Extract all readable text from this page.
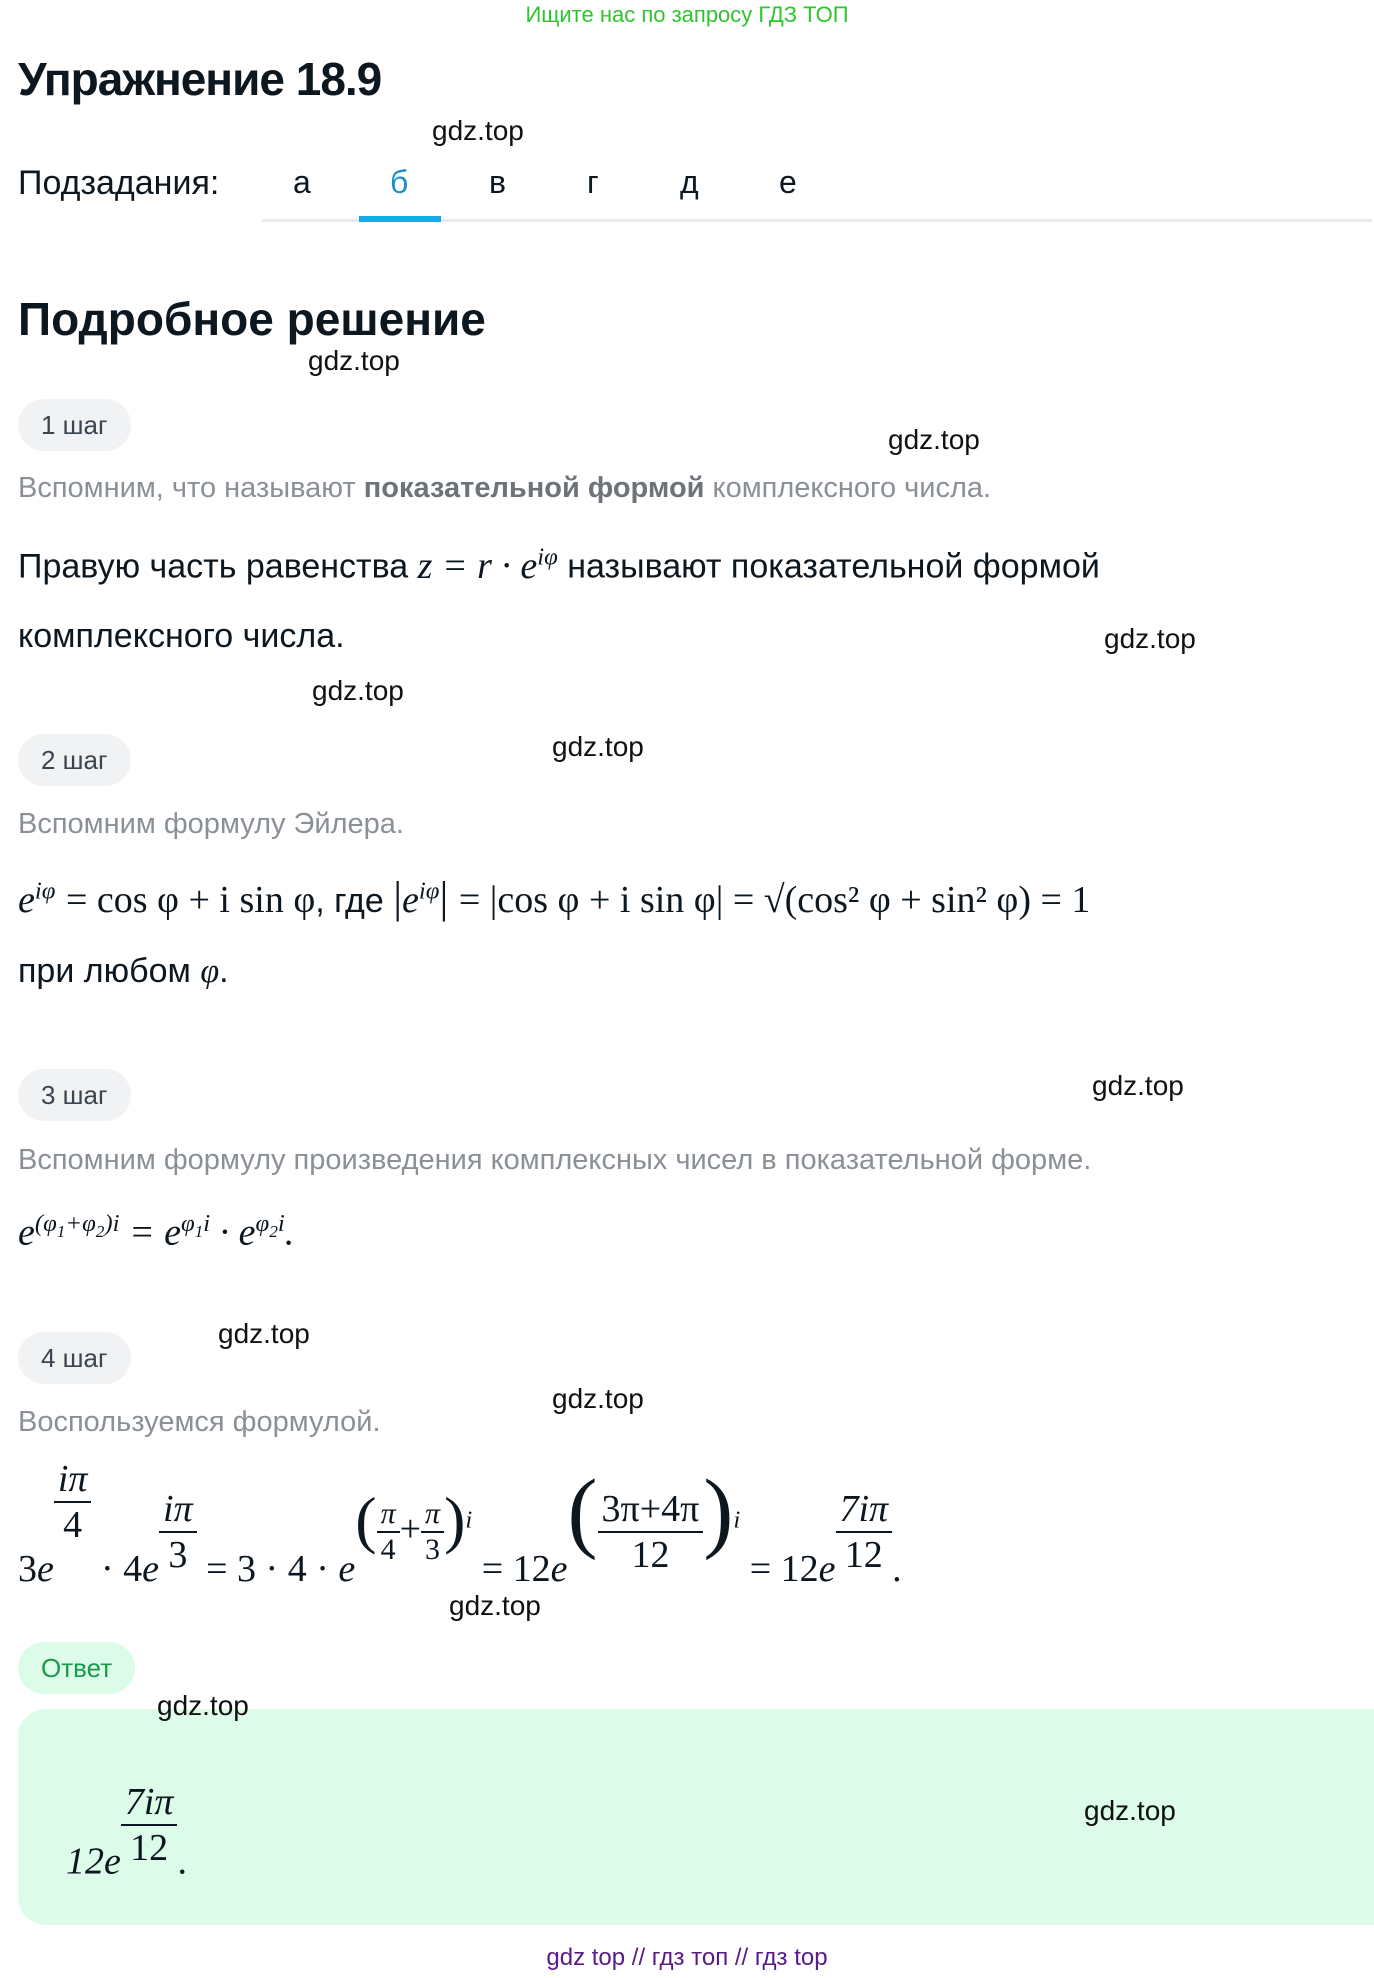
Ищите нас по запросу ГДЗ ТОП
Упражнение 18.9
gdz.top
Подзадания: а б	в	г	д	е
Подробное решение
gdz.top
1 шаг	gdz.top
Вспомним, что называют показательной формой комплексного числа.
Правую часть равенства $z = r \cdot e^{i\varphi}$ называют показательной формой
комплексного числа.	gdz.top
gdz.top
2 шаг	gdz.top
Вспомним формулу Эйлера.
$e^{i\varphi} = \cos \varphi + i$ sin φ, где $|e^{i\varphi}| = |\cos$ φ + i sin φ| = √(cos² φ + sin² φ) = 1
при любом φ.
3 шаг	gdz.top
Вспомним формулу произведения комплексных чисел в показательной форме.
$e^{(\varphi_1+\varphi_2)i} = e^{\varphi_1i} \cdot e^{\varphi_2i}$.
4 шаг
gdz.top
gdz.top
Воспользуемся формулой.
3e
$\frac{i\pi}{4}$
· $4e \frac{i\pi}{3} = 3 \cdot 4 \cdot e( \frac{\pi}{4} + \frac{\pi}{3} )^i = 12e( \frac{3\pi+4\pi}{12} )^i = 12e \frac{7i\pi}{12}$ .
gdz.top
Ответ
gdz.top
$12e \frac{7i\pi}{12}$ .
gdz.top
gdz top // гдз топ // гдз top
